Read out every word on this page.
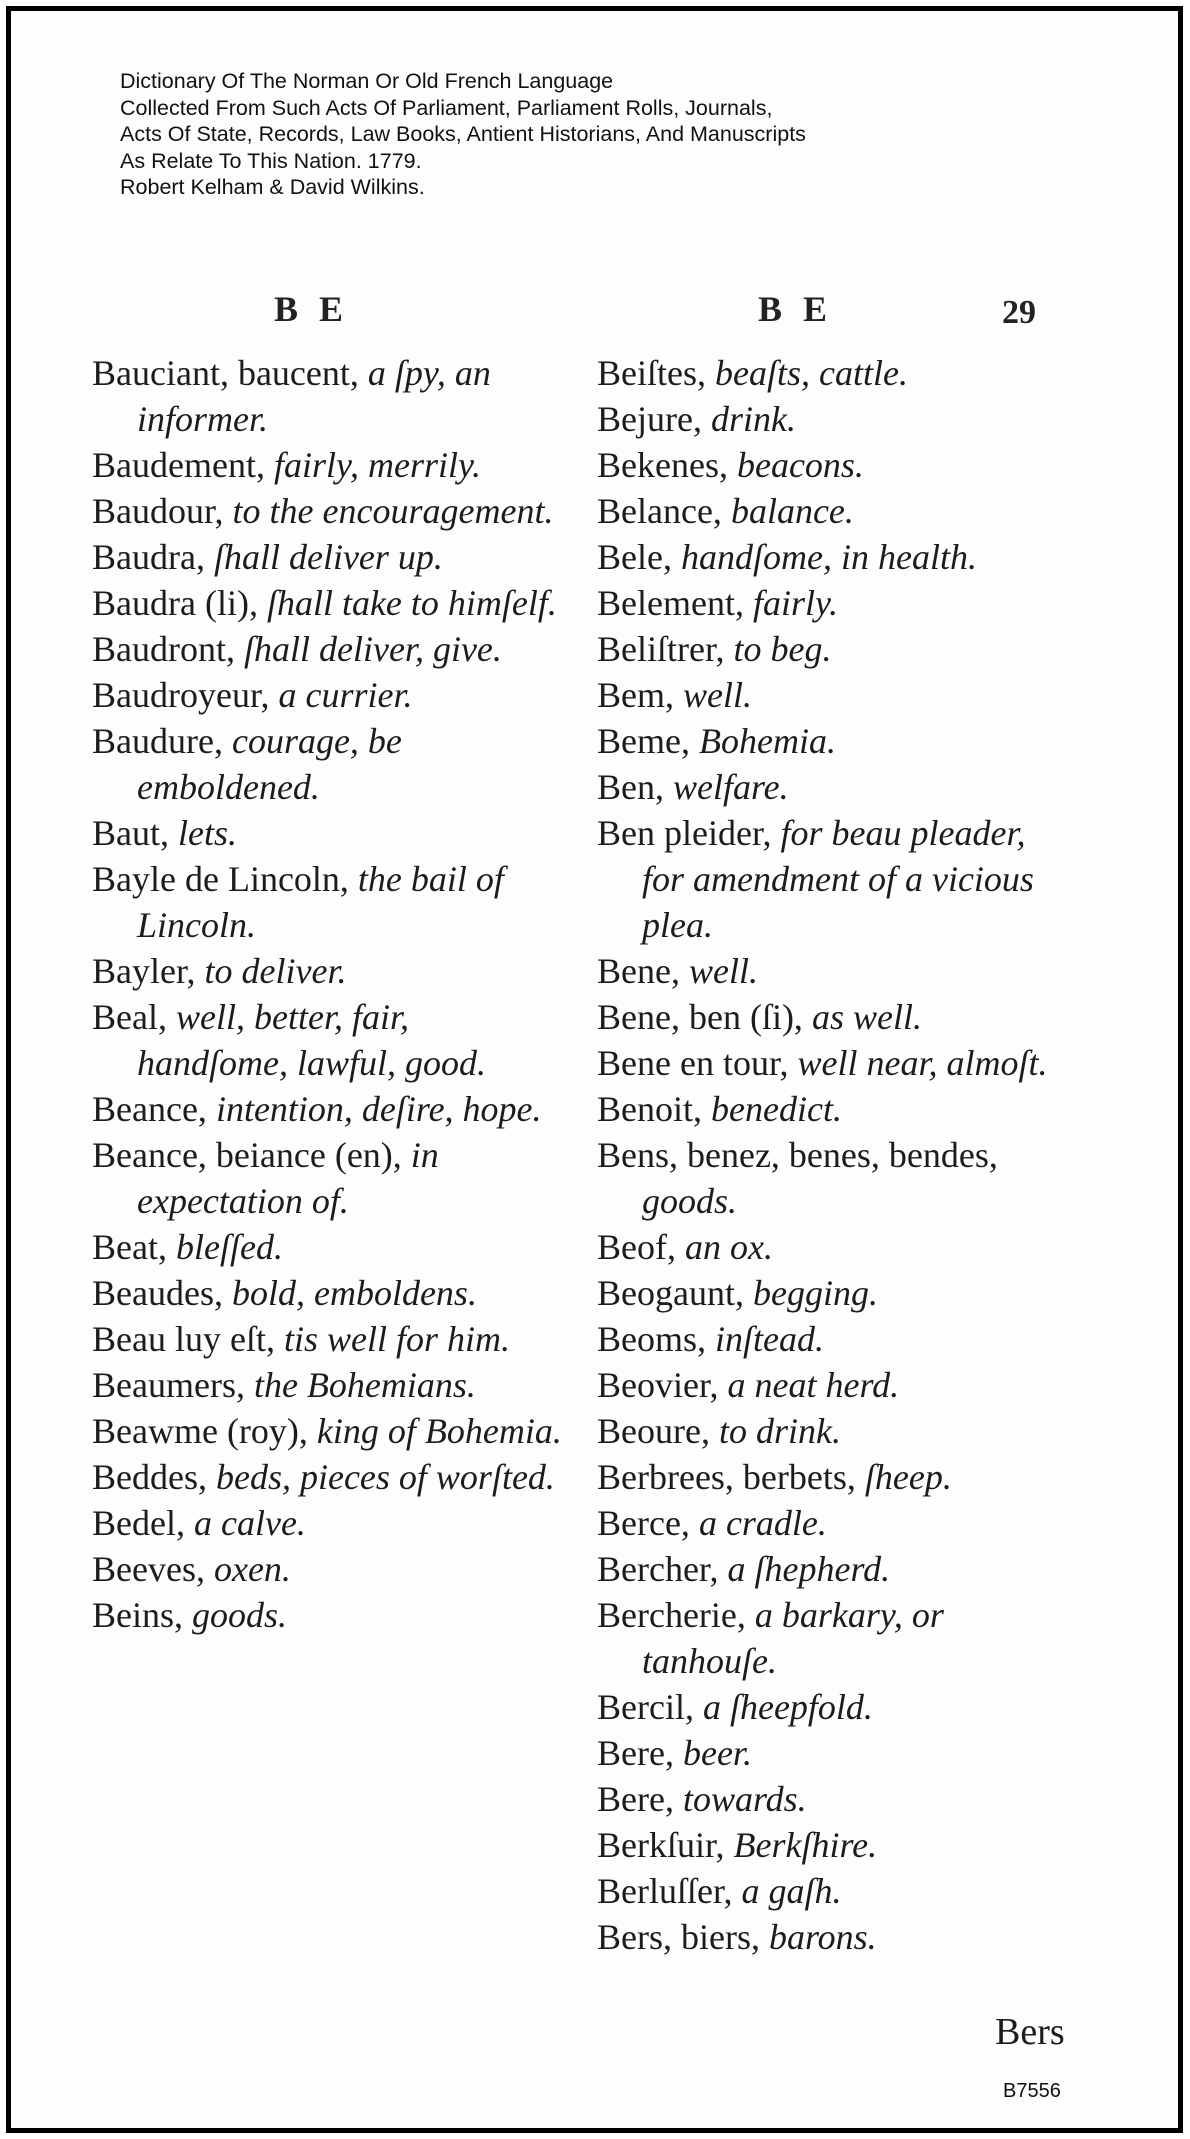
Dictionary Of The Norman Or Old French Language
Collected From Such Acts Of Parliament, Parliament Rolls, Journals,
Acts Of State, Records, Law Books, Antient Historians, And Manuscripts
As Relate To This Nation. 1779.
Robert Kelham & David Wilkins.
B E	B E	29
Bauciant, baucent, a ſpy, an informer.
Baudement, fairly, merrily.
Baudour, to the encouragement.
Baudra, ſhall deliver up.
Baudra (li), ſhall take to himſelf.
Baudront, ſhall deliver, give.
Baudroyeur, a currier.
Baudure, courage, be emboldened.
Baut, lets.
Bayle de Lincoln, the bail of Lincoln.
Bayler, to deliver.
Beal, well, better, fair, handſome, lawful, good.
Beance, intention, deſire, hope.
Beance, beiance (en), in expectation of.
Beat, bleſſed.
Beaudes, bold, emboldens.
Beau luy eſt, tis well for him.
Beaumers, the Bohemians.
Beawme (roy), king of Bohemia.
Beddes, beds, pieces of worſted.
Bedel, a calve.
Beeves, oxen.
Beins, goods.
Beiſtes, beaſts, cattle.
Bejure, drink.
Bekenes, beacons.
Belance, balance.
Bele, handſome, in health.
Belement, fairly.
Beliſtrer, to beg.
Bem, well.
Beme, Bohemia.
Ben, welfare.
Ben pleider, for beau pleader, for amendment of a vicious plea.
Bene, well.
Bene, ben (ſi), as well.
Bene en tour, well near, almoſt.
Benoit, benedict.
Bens, benez, benes, bendes, goods.
Beof, an ox.
Beogaunt, begging.
Beoms, inſtead.
Beovier, a neat herd.
Beoure, to drink.
Berbrees, berbets, ſheep.
Berce, a cradle.
Bercher, a ſhepherd.
Bercherie, a barkary, or tanhouſe.
Bercil, a ſheepfold.
Bere, beer.
Bere, towards.
Berkſuir, Berkſhire.
Berluſſer, a gaſh.
Bers, biers, barons.
Bers
B7556
